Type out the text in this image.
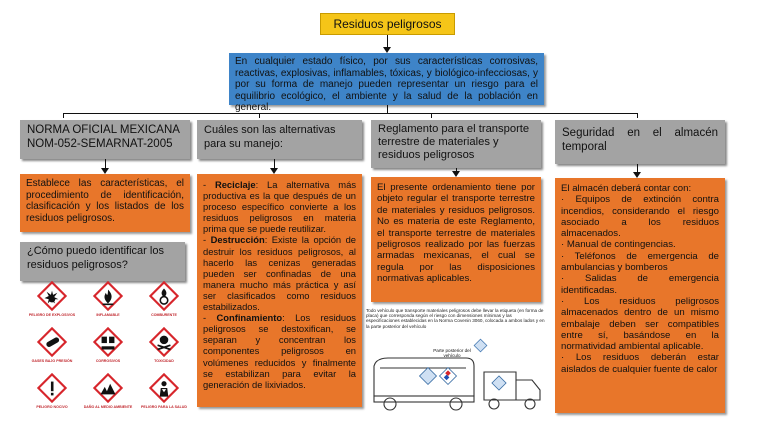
Residuos peligrosos
En cualquier estado físico, por sus características corrosivas, reactivas, explosivas, inflamables, tóxicas, y biológico-infecciosas, y por su forma de manejo pueden representar un riesgo para el equilibrio ecológico, el ambiente y la salud de la población en general.
NORMA OFICIAL MEXICANA NOM-052-SEMARNAT-2005
Establece las características, el procedimiento de identificación, clasificación y los listados de los residuos peligrosos.
¿Cómo puedo identificar los residuos peligrosos?
PELIGRO DE EXPLOSIVOS	INFLAMABLE	COMBURENTE
GASES BAJO PRESIÓN	CORROSIVOS	TOXICIDAD
PELIGRO NOCIVO	DAÑO AL MEDIO AMBIENTE	PELIGRO PARA LA SALUD
Cuáles son las alternativas para su manejo:
- Reciclaje: La alternativa más productiva es la que después de un proceso específico convierte a los residuos peligrosos en materia prima que se puede reutilizar.
- Destrucción: Existe la opción de destruir los residuos peligrosos, al hacerlo las cenizas generadas pueden ser confinadas de una manera mucho más práctica y así ser clasificados como residuos estabilizados.
- Confinamiento: Los residuos peligrosos se destoxifican, se separan y concentran los componentes peligrosos en volúmenes reducidos y finalmente se estabilizan para evitar la generación de lixiviados.
Reglamento para el transporte terrestre de materiales y residuos peligrosos
El presente ordenamiento tiene por objeto regular el transporte terrestre de materiales y residuos peligrosos. No es materia de este Reglamento, el transporte terrestre de materiales peligrosos realizado por las fuerzas armadas mexicanas, el cual se regula por las disposiciones normativas aplicables.
Todo vehículo que transporte materiales peligrosos debe llevar la etiqueta (en forma de placa) que corresponda según el riesgo con dimensiones mínimas y las especificaciones establecidas en la Norma Covenin 3060, colocada a ambos lados y en la parte posterior del vehículo
Parte posterior del vehículo
Seguridad en el almacén temporal
El almacén deberá contar con:
· Equipos de extinción contra incendios, considerando el riesgo asociado a los residuos almacenados.
· Manual de contingencias.
· Teléfonos de emergencia de ambulancias y bomberos
· Salidas de emergencia identificadas.
· Los residuos peligrosos almacenados dentro de un mismo embalaje deben ser compatibles entre sí, basándose en la normatividad ambiental aplicable.
· Los residuos deberán estar aislados de cualquier fuente de calor
